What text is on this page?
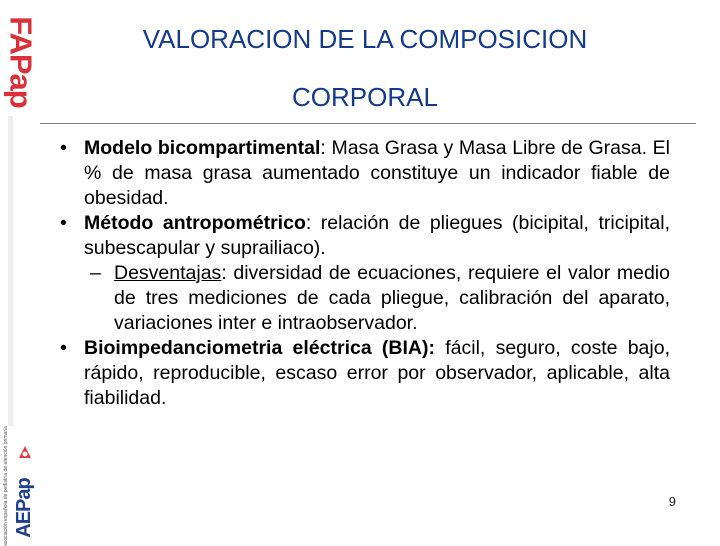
FAPap
asociación española de pediatría de atención primaria AEPap
VALORACION DE LA COMPOSICION
CORPORAL
• Modelo bicompartimental: Masa Grasa y Masa Libre de Grasa. El % de masa grasa aumentado constituye un indicador fiable de obesidad.
• Método antropométrico: relación de pliegues (bicipital, tricipital, subescapular y suprailiaco).
– Desventajas: diversidad de ecuaciones, requiere el valor medio de tres mediciones de cada pliegue, calibración del aparato, variaciones inter e intraobservador.
• Bioimpedanciometria eléctrica (BIA): fácil, seguro, coste bajo, rápido, reproducible, escaso error por observador, aplicable, alta fiabilidad.
9
